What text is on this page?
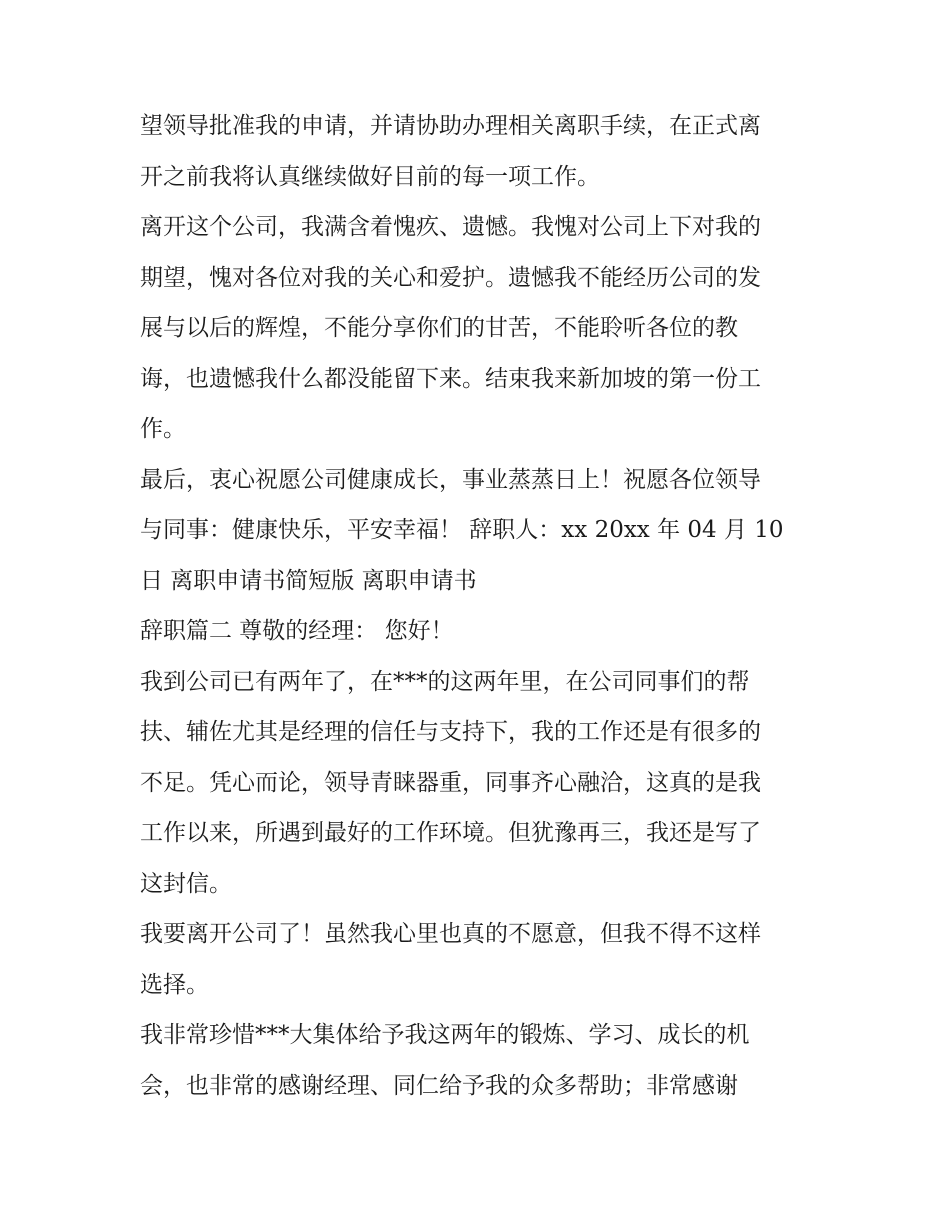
望领导批准我的申请，并请协助办理相关离职手续，在正式离
开之前我将认真继续做好目前的每一项工作。
离开这个公司，我满含着愧疚、遗憾。我愧对公司上下对我的
期望，愧对各位对我的关心和爱护。遗憾我不能经历公司的发
展与以后的辉煌，不能分享你们的甘苦，不能聆听各位的教
诲，也遗憾我什么都没能留下来。结束我来新加坡的第一份工
作。
最后，衷心祝愿公司健康成长，事业蒸蒸日上！祝愿各位领导
与同事：健康快乐，平安幸福！ 辞职人：xx 20xx 年 04 月 10
日 离职申请书简短版 离职申请书
辞职篇二 尊敬的经理： 您好！
我到公司已有两年了，在***的这两年里，在公司同事们的帮
扶、辅佐尤其是经理的信任与支持下，我的工作还是有很多的
不足。凭心而论，领导青睐器重，同事齐心融洽，这真的是我
工作以来，所遇到最好的工作环境。但犹豫再三，我还是写了
这封信。
我要离开公司了！虽然我心里也真的不愿意，但我不得不这样
选择。
我非常珍惜***大集体给予我这两年的锻炼、学习、成长的机
会，也非常的感谢经理、同仁给予我的众多帮助；非常感谢
